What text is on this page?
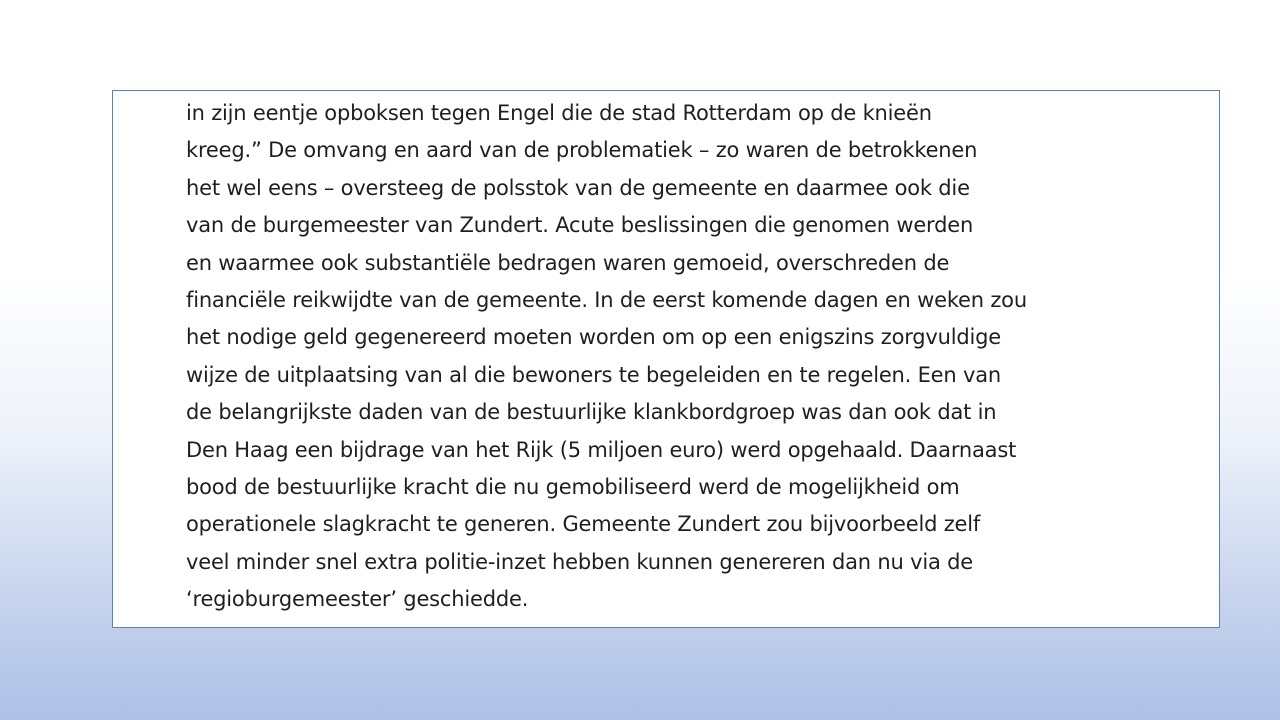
in zijn eentje opboksen tegen Engel die de stad Rotterdam op de knieën
kreeg.” De omvang en aard van de problematiek – zo waren de betrokkenen
het wel eens – oversteeg de polsstok van de gemeente en daarmee ook die
van de burgemeester van Zundert. Acute beslissingen die genomen werden
en waarmee ook substantiële bedragen waren gemoeid, overschreden de
financiële reikwijdte van de gemeente. In de eerst komende dagen en weken zou
het nodige geld gegenereerd moeten worden om op een enigszins zorgvuldige
wijze de uitplaatsing van al die bewoners te begeleiden en te regelen. Een van
de belangrijkste daden van de bestuurlijke klankbordgroep was dan ook dat in
Den Haag een bijdrage van het Rijk (5 miljoen euro) werd opgehaald. Daarnaast
bood de bestuurlijke kracht die nu gemobiliseerd werd de mogelijkheid om
operationele slagkracht te generen. Gemeente Zundert zou bijvoorbeeld zelf
veel minder snel extra politie-inzet hebben kunnen genereren dan nu via de
‘regioburgemeester’ geschiedde.
